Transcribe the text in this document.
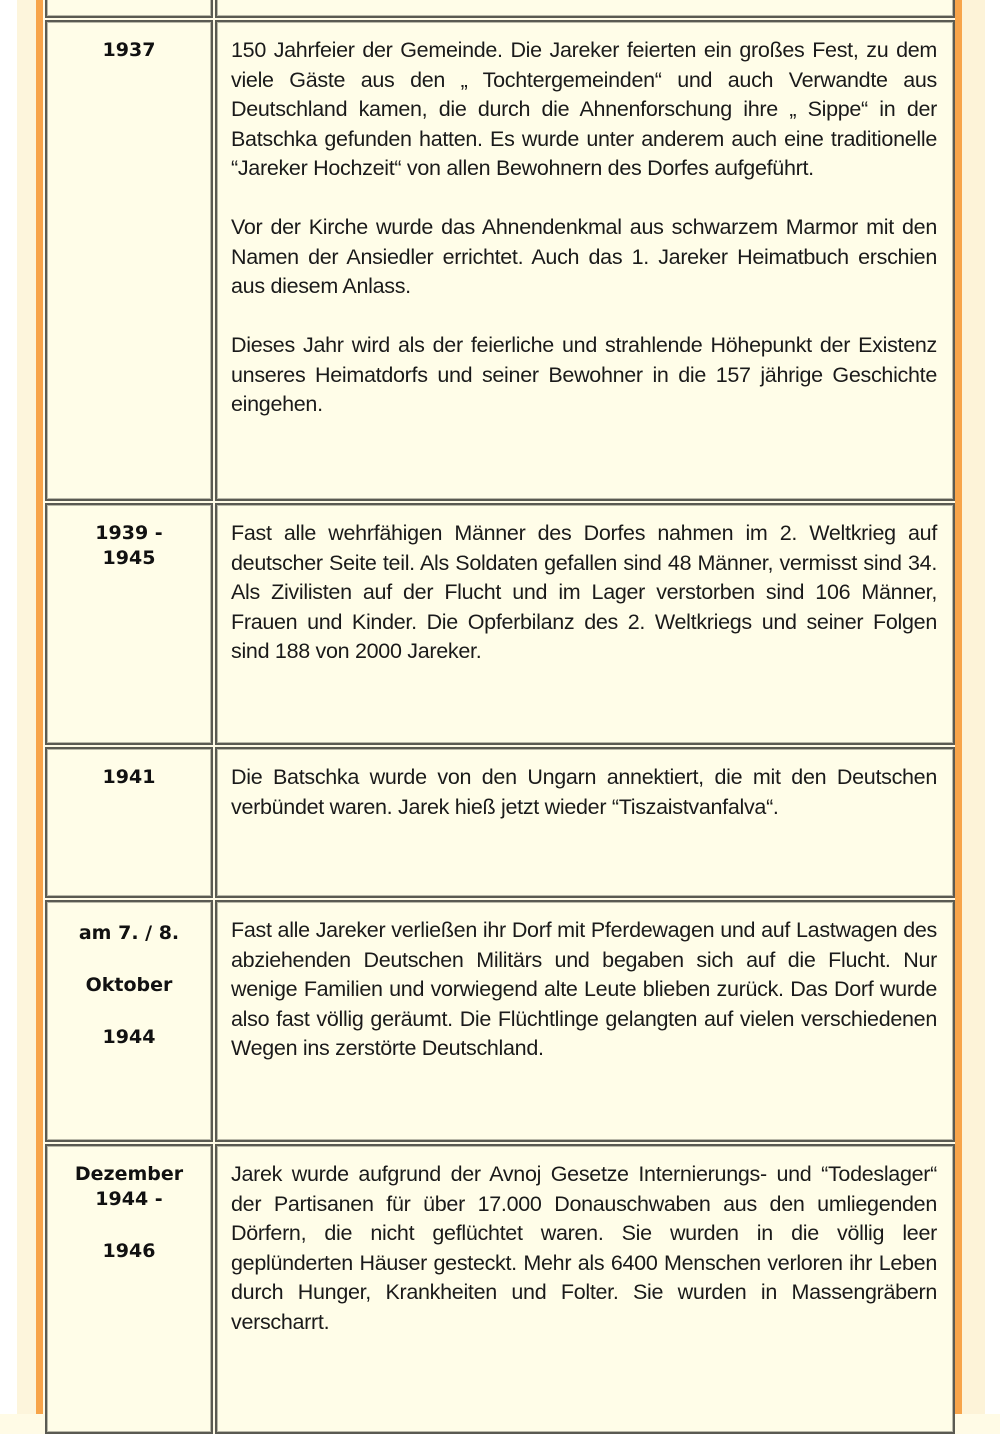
1937	150 Jahrfeier der Gemeinde. Die Jareker feierten ein großes Fest, zu dem viele Gäste aus den „ Tochtergemeinden“ und auch Verwandte aus Deutschland kamen, die durch die Ahnenforschung ihre „ Sippe“ in der Batschka gefunden hatten. Es wurde unter anderem auch eine traditionelle “Jareker Hochzeit“ von allen Bewohnern des Dorfes aufgeführt.

Vor der Kirche wurde das Ahnendenkmal aus schwarzem Marmor mit den Namen der Ansiedler errichtet. Auch das 1. Jareker Heimatbuch erschien aus diesem Anlass.

Dieses Jahr wird als der feierliche und strahlende Höhepunkt der Existenz unseres Heimatdorfs und seiner Bewohner in die 157 jährige Geschichte eingehen.

1939 -
1945

Fast alle wehrfähigen Männer des Dorfes nahmen im 2. Weltkrieg auf deutscher Seite teil. Als Soldaten gefallen sind 48 Männer, vermisst sind 34. Als Zivilisten auf der Flucht und im Lager verstorben sind 106 Männer, Frauen und Kinder. Die Opferbilanz des 2. Weltkriegs und seiner Folgen sind 188 von 2000 Jareker.

1941	Die Batschka wurde von den Ungarn annektiert, die mit den Deutschen verbündet waren. Jarek hieß jetzt wieder “Tiszaistvanfalva“.

am 7. / 8.
Oktober
1944

Fast alle Jareker verließen ihr Dorf mit Pferdewagen und auf Lastwagen des abziehenden Deutschen Militärs und begaben sich auf die Flucht. Nur wenige Familien und vorwiegend alte Leute blieben zurück. Das Dorf wurde also fast völlig geräumt. Die Flüchtlinge gelangten auf vielen verschiedenen Wegen ins zerstörte Deutschland.

Dezember
1944 -
1946

Jarek wurde aufgrund der Avnoj Gesetze Internierungs- und “Todeslager“ der Partisanen für über 17.000 Donauschwaben aus den umliegenden Dörfern, die nicht geflüchtet waren. Sie wurden in die völlig leer geplünderten Häuser gesteckt. Mehr als 6400 Menschen verloren ihr Leben durch Hunger, Krankheiten und Folter. Sie wurden in Massengräbern verscharrt.
